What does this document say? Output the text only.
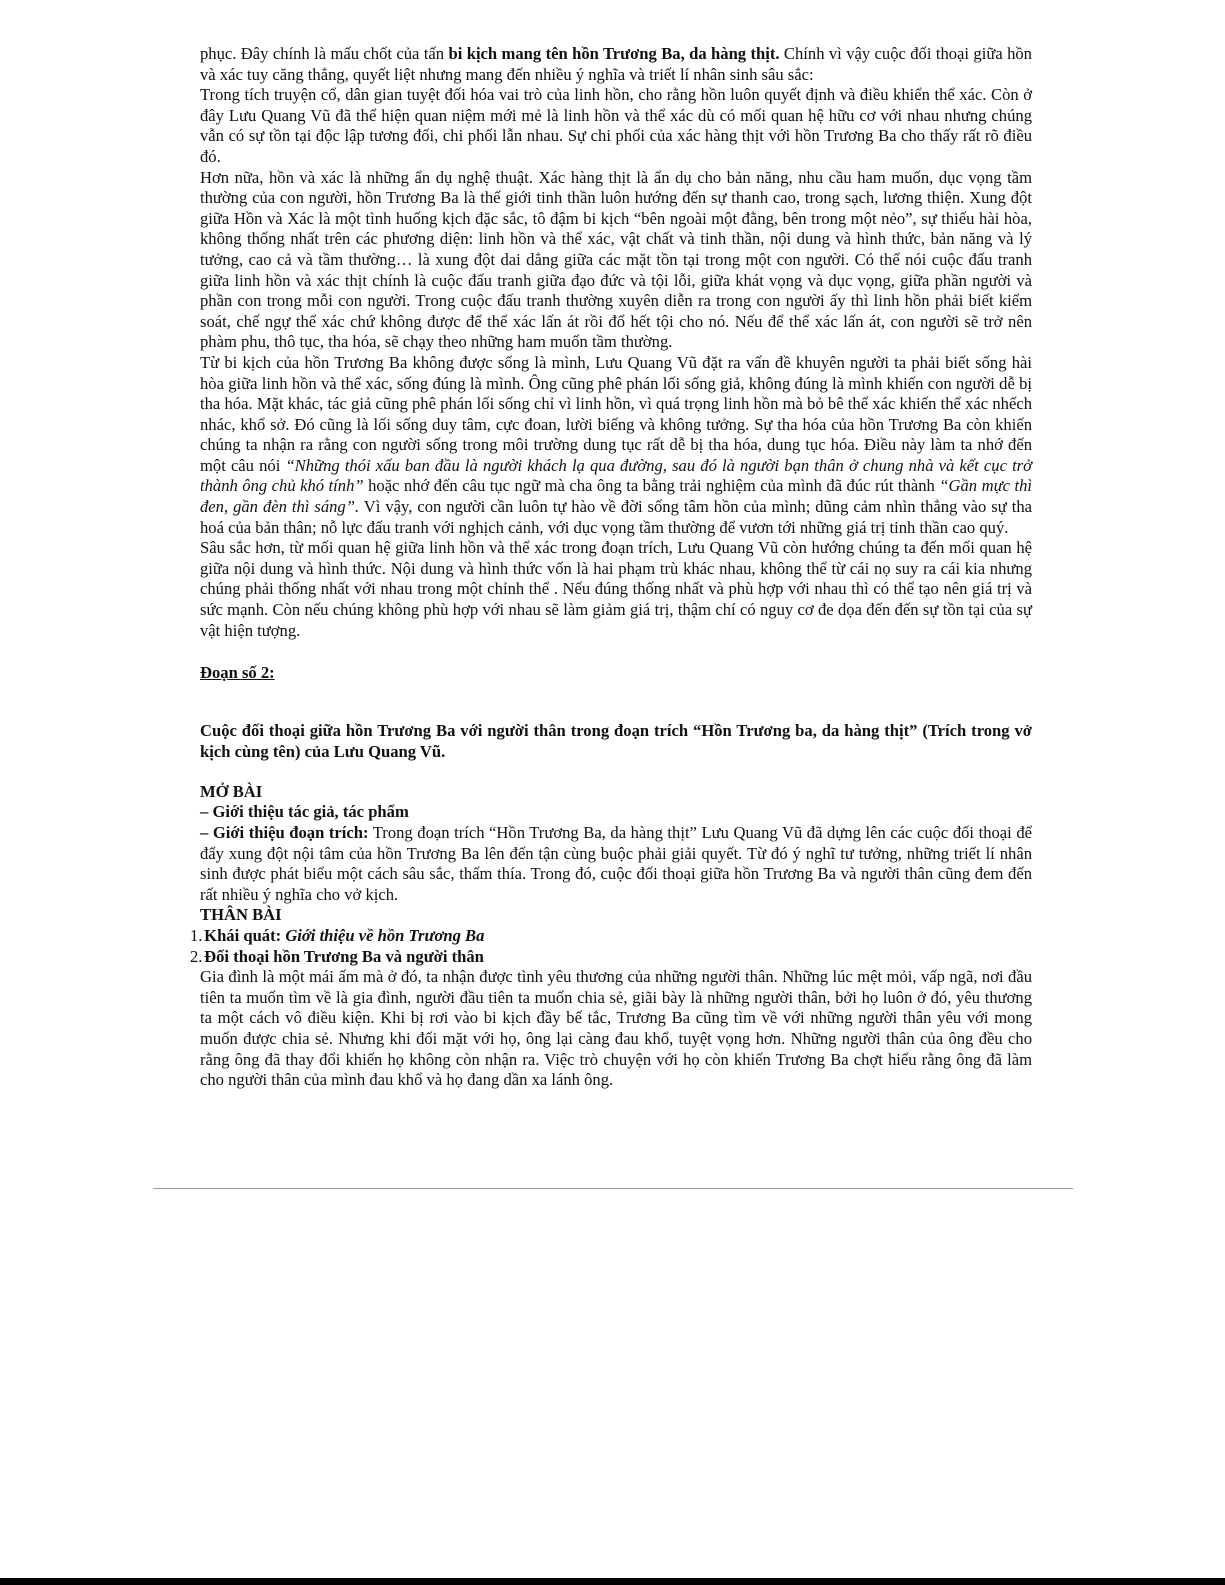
phục. Đây chính là mấu chốt của tấn bi kịch mang tên hồn Trương Ba, da hàng thịt. Chính vì vậy cuộc đối thoại giữa hồn và xác tuy căng thẳng, quyết liệt nhưng mang đến nhiều ý nghĩa và triết lí nhân sinh sâu sắc:

Trong tích truyện cổ, dân gian tuyệt đối hóa vai trò của linh hồn, cho rằng hồn luôn quyết định và điều khiển thể xác. Còn ở đây Lưu Quang Vũ đã thể hiện quan niệm mới mẻ là linh hồn và thể xác dù có mối quan hệ hữu cơ với nhau nhưng chúng vẫn có sự tồn tại độc lập tương đối, chi phối lẫn nhau. Sự chi phối của xác hàng thịt với hồn Trương Ba cho thấy rất rõ điều đó.

Hơn nữa, hồn và xác là những ẩn dụ nghệ thuật. Xác hàng thịt là ẩn dụ cho bản năng, nhu cầu ham muốn, dục vọng tầm thường của con người, hồn Trương Ba là thế giới tinh thần luôn hướng đến sự thanh cao, trong sạch, lương thiện. Xung đột giữa Hồn và Xác là một tình huống kịch đặc sắc, tô đậm bi kịch “bên ngoài một đằng, bên trong một nẻo”, sự thiếu hài hòa, không thống nhất trên các phương diện: linh hồn và thể xác, vật chất và tinh thần, nội dung và hình thức, bản năng và lý tưởng, cao cả và tầm thường… là xung đột dai dẳng giữa các mặt tồn tại trong một con người. Có thể nói cuộc đấu tranh giữa linh hồn và xác thịt chính là cuộc đấu tranh giữa đạo đức và tội lỗi, giữa khát vọng và dục vọng, giữa phần người và phần con trong mỗi con người. Trong cuộc đấu tranh thường xuyên diễn ra trong con người ấy thì linh hồn phải biết kiểm soát, chế ngự thể xác chứ không được để thể xác lấn át rồi đổ hết tội cho nó. Nếu để thể xác lấn át, con người sẽ trở nên phàm phu, thô tục, tha hóa, sẽ chạy theo những ham muốn tầm thường.

Từ bi kịch của hồn Trương Ba không được sống là mình, Lưu Quang Vũ đặt ra vấn đề khuyên người ta phải biết sống hài hòa giữa linh hồn và thể xác, sống đúng là mình. Ông cũng phê phán lối sống giả, không đúng là mình khiến con người dễ bị tha hóa. Mặt khác, tác giả cũng phê phán lối sống chỉ vì linh hồn, vì quá trọng linh hồn mà bỏ bê thể xác khiến thể xác nhếch nhác, khổ sở. Đó cũng là lối sống duy tâm, cực đoan, lười biếng và không tưởng. Sự tha hóa của hồn Trương Ba còn khiến chúng ta nhận ra rằng con người sống trong môi trường dung tục rất dễ bị tha hóa, dung tục hóa. Điều này làm ta nhớ đến một câu nói “Những thói xấu ban đầu là người khách lạ qua đường, sau đó là người bạn thân ở chung nhà và kết cục trở thành ông chủ khó tính” hoặc nhớ đến câu tục ngữ mà cha ông ta bằng trải nghiệm của mình đã đúc rút thành “Gần mực thì đen, gần đèn thì sáng”. Vì vậy, con người cần luôn tự hào về đời sống tâm hồn của mình; dũng cảm nhìn thẳng vào sự tha hoá của bản thân; nỗ lực đấu tranh với nghịch cảnh, với dục vọng tầm thường để vươn tới những giá trị tinh thần cao quý.

Sâu sắc hơn, từ mối quan hệ giữa linh hồn và thể xác trong đoạn trích, Lưu Quang Vũ còn hướng chúng ta đến mối quan hệ giữa nội dung và hình thức. Nội dung và hình thức vốn là hai phạm trù khác nhau, không thể từ cái nọ suy ra cái kia nhưng chúng phải thống nhất với nhau trong một chỉnh thể . Nếu đúng thống nhất và phù hợp với nhau thì có thể tạo nên giá trị và sức mạnh. Còn nếu chúng không phù hợp với nhau sẽ làm giảm giá trị, thậm chí có nguy cơ đe dọa đến đến sự tồn tại của sự vật hiện tượng.

Đoạn số 2:

Cuộc đối thoại giữa hồn Trương Ba với người thân trong đoạn trích “Hồn Trương ba, da hàng thịt” (Trích trong vở kịch cùng tên) của Lưu Quang Vũ.

MỞ BÀI

– Giới thiệu tác giả, tác phẩm

– Giới thiệu đoạn trích: Trong đoạn trích “Hồn Trương Ba, da hàng thịt” Lưu Quang Vũ đã dựng lên các cuộc đối thoại để đẩy xung đột nội tâm của hồn Trương Ba lên đến tận cùng buộc phải giải quyết. Từ đó ý nghĩ tư tưởng, những triết lí nhân sinh được phát biểu một cách sâu sắc, thấm thía. Trong đó, cuộc đối thoại giữa hồn Trương Ba và người thân cũng đem đến rất nhiều ý nghĩa cho vở kịch.

THÂN BÀI

1. Khái quát: Giới thiệu về hồn Trương Ba

2. Đối thoại hồn Trương Ba và người thân

Gia đình là một mái ấm mà ở đó, ta nhận được tình yêu thương của những người thân. Những lúc mệt mỏi, vấp ngã, nơi đầu tiên ta muốn tìm về là gia đình, người đầu tiên ta muốn chia sẻ, giãi bày là những người thân, bởi họ luôn ở đó, yêu thương ta một cách vô điều kiện. Khi bị rơi vào bi kịch đầy bế tắc, Trương Ba cũng tìm về với những người thân yêu với mong muốn được chia sẻ. Nhưng khi đối mặt với họ, ông lại càng đau khổ, tuyệt vọng hơn. Những người thân của ông đều cho rằng ông đã thay đổi khiến họ không còn nhận ra. Việc trò chuyện với họ còn khiến Trương Ba chợt hiểu rằng ông đã làm cho người thân của mình đau khổ và họ đang dần xa lánh ông.
